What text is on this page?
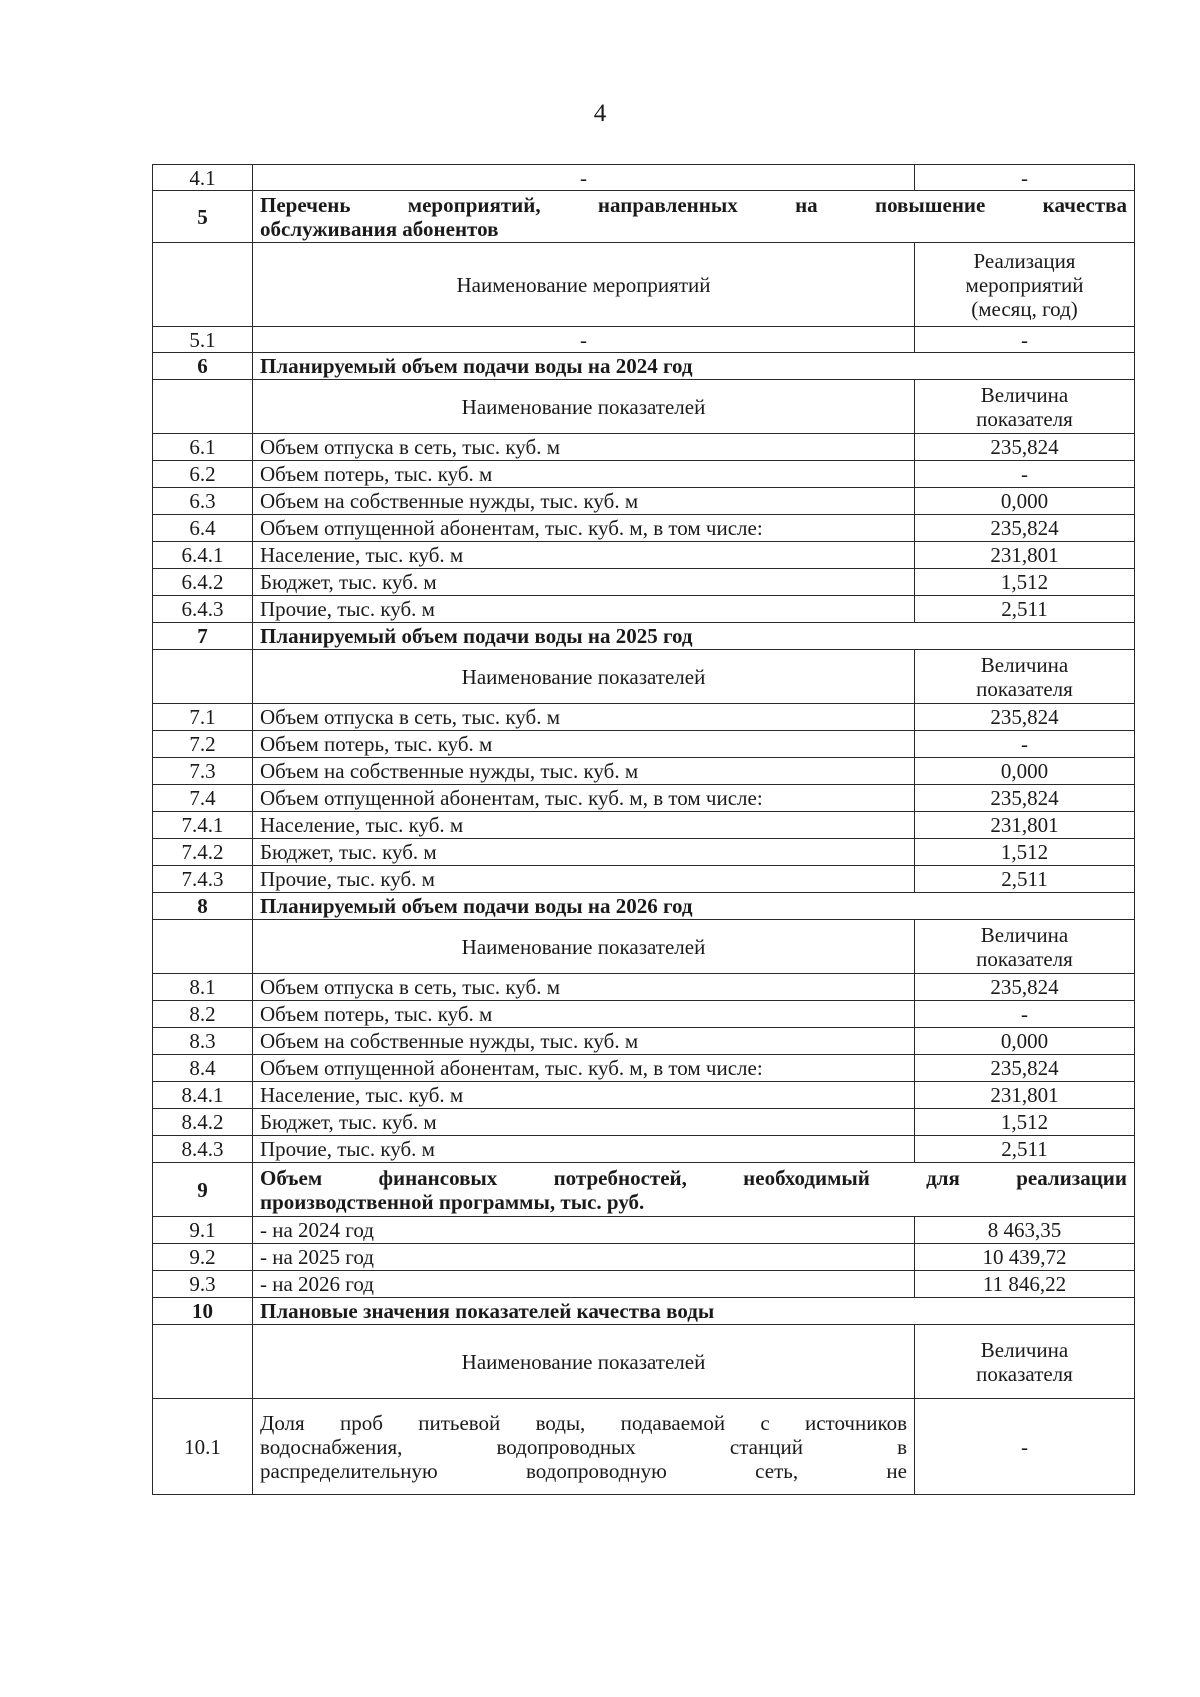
4
4.1	-	-
5	Перечень мероприятий, направленных на повышение качества
обслуживания абонентов	

	Наименование мероприятий	Реализация
мероприятий
(месяц, год)

5.1	-	-
6	Планируемый объем подачи воды на 2024 год	
	Наименование показателей	Величина
показателя

6.1	Объем отпуска в сеть, тыс. куб. м	235,824
6.2	Объем потерь, тыс. куб. м	-
6.3	Объем на собственные нужды, тыс. куб. м	0,000
6.4	Объем отпущенной абонентам, тыс. куб. м, в том числе:	235,824
6.4.1	Население, тыс. куб. м	231,801
6.4.2	Бюджет, тыс. куб. м	1,512
6.4.3	Прочие, тыс. куб. м	2,511
7	Планируемый объем подачи воды на 2025 год	
	Наименование показателей	Величина
показателя

7.1	Объем отпуска в сеть, тыс. куб. м	235,824
7.2	Объем потерь, тыс. куб. м	-
7.3	Объем на собственные нужды, тыс. куб. м	0,000
7.4	Объем отпущенной абонентам, тыс. куб. м, в том числе:	235,824
7.4.1	Население, тыс. куб. м	231,801
7.4.2	Бюджет, тыс. куб. м	1,512
7.4.3	Прочие, тыс. куб. м	2,511
8	Планируемый объем подачи воды на 2026 год	
	Наименование показателей	Величина
показателя

8.1	Объем отпуска в сеть, тыс. куб. м	235,824
8.2	Объем потерь, тыс. куб. м	-
8.3	Объем на собственные нужды, тыс. куб. м	0,000
8.4	Объем отпущенной абонентам, тыс. куб. м, в том числе:	235,824
8.4.1	Население, тыс. куб. м	231,801
8.4.2	Бюджет, тыс. куб. м	1,512
8.4.3	Прочие, тыс. куб. м	2,511
9	Объем финансовых потребностей, необходимый для реализации
производственной программы, тыс. руб.	

9.1	- на 2024 год	8 463,35
9.2	- на 2025 год	10 439,72
9.3	- на 2026 год	11 846,22
10	Плановые значения показателей качества воды	
	Наименование показателей	Величина
показателя

10.1	Доля проб питьевой воды, подаваемой с источников
водоснабжения, водопроводных станций в
распределительную водопроводную сеть, не	-
